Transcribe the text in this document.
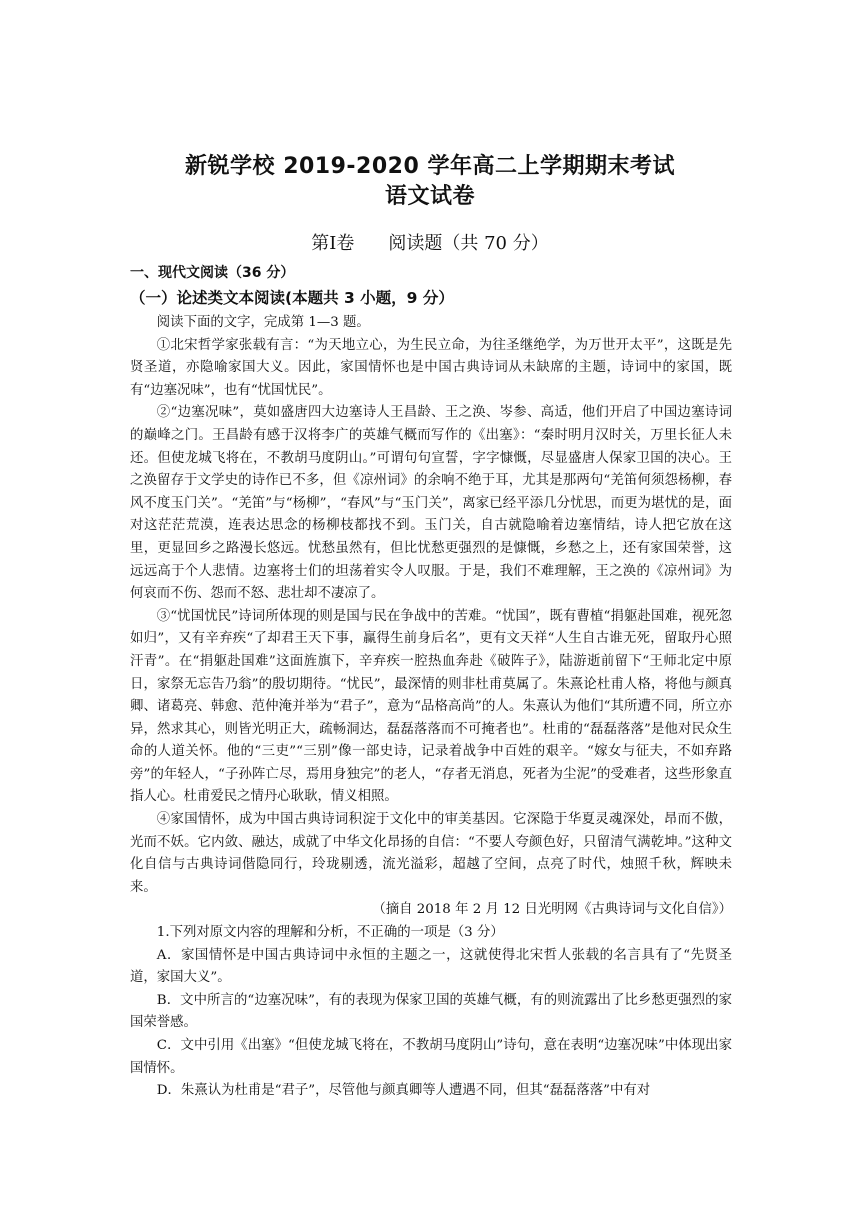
新锐学校 2019-2020 学年高二上学期期末考试
语文试卷
第Ⅰ卷 阅读题（共 70 分）
一、现代文阅读（36 分）
（一）论述类文本阅读(本题共 3 小题，9 分）

阅读下面的文字，完成第 1—3 题。

①北宋哲学家张载有言：“为天地立心，为生民立命，为往圣继绝学，为万世开太平”，这既是先贤圣道，亦隐喻家国大义。因此，家国情怀也是中国古典诗词从未缺席的主题，诗词中的家国，既有“边塞况味”，也有“忧国忧民”。

②“边塞况味”，莫如盛唐四大边塞诗人王昌龄、王之涣、岑参、高适，他们开启了中国边塞诗词的巅峰之门。王昌龄有感于汉将李广的英雄气概而写作的《出塞》：“秦时明月汉时关，万里长征人未还。但使龙城飞将在，不教胡马度阴山。”可谓句句宣誓，字字慷慨，尽显盛唐人保家卫国的决心。王之涣留存于文学史的诗作已不多，但《凉州词》的余响不绝于耳，尤其是那两句“羌笛何须怨杨柳，春风不度玉门关”。“羌笛”与“杨柳”，“春风”与“玉门关”，离家已经平添几分忧思，而更为堪忧的是，面对这茫茫荒漠，连表达思念的杨柳枝都找不到。玉门关，自古就隐喻着边塞情结，诗人把它放在这里，更显回乡之路漫长悠远。忧愁虽然有，但比忧愁更强烈的是慷慨，乡愁之上，还有家国荣誉，这远远高于个人悲情。边塞将士们的坦荡着实令人叹服。于是，我们不难理解，王之涣的《凉州词》为何哀而不伤、怨而不怒、悲壮却不凄凉了。

③“忧国忧民”诗词所体现的则是国与民在争战中的苦难。“忧国”，既有曹植“捐躯赴国难，视死忽如归”，又有辛弃疾“了却君王天下事，赢得生前身后名”，更有文天祥“人生自古谁无死，留取丹心照汗青”。在“捐躯赴国难”这面旌旗下，辛弃疾一腔热血奔赴《破阵子》，陆游逝前留下“王师北定中原日，家祭无忘告乃翁”的殷切期待。“忧民”，最深情的则非杜甫莫属了。朱熹论杜甫人格，将他与颜真卿、诸葛亮、韩愈、范仲淹并举为“君子”，意为“品格高尚”的人。朱熹认为他们“其所遭不同，所立亦异，然求其心，则皆光明正大，疏畅洞达，磊磊落落而不可掩者也”。杜甫的“磊磊落落”是他对民众生命的人道关怀。他的“三吏”“三别”像一部史诗，记录着战争中百姓的艰辛。“嫁女与征夫，不如弃路旁”的年轻人，“子孙阵亡尽，焉用身独完”的老人，“存者无消息，死者为尘泥”的受难者，这些形象直指人心。杜甫爱民之情丹心耿耿，情义相照。

④家国情怀，成为中国古典诗词积淀于文化中的审美基因。它深隐于华夏灵魂深处，昂而不傲，光而不妖。它内敛、融达，成就了中华文化昂扬的自信：“不要人夸颜色好，只留清气满乾坤。”这种文化自信与古典诗词偕隐同行，玲珑剔透，流光溢彩，超越了空间，点亮了时代，烛照千秋，辉映未来。

（摘自 2018 年 2 月 12 日光明网《古典诗词与文化自信》）

1.下列对原文内容的理解和分析，不正确的一项是（3 分）

A．家国情怀是中国古典诗词中永恒的主题之一，这就使得北宋哲人张载的名言具有了“先贤圣道，家国大义”。

B．文中所言的“边塞况味”，有的表现为保家卫国的英雄气概，有的则流露出了比乡愁更强烈的家国荣誉感。

C．文中引用《出塞》“但使龙城飞将在，不教胡马度阴山”诗句，意在表明“边塞况味”中体现出家国情怀。

D．朱熹认为杜甫是“君子”，尽管他与颜真卿等人遭遇不同，但其“磊磊落落”中有对
